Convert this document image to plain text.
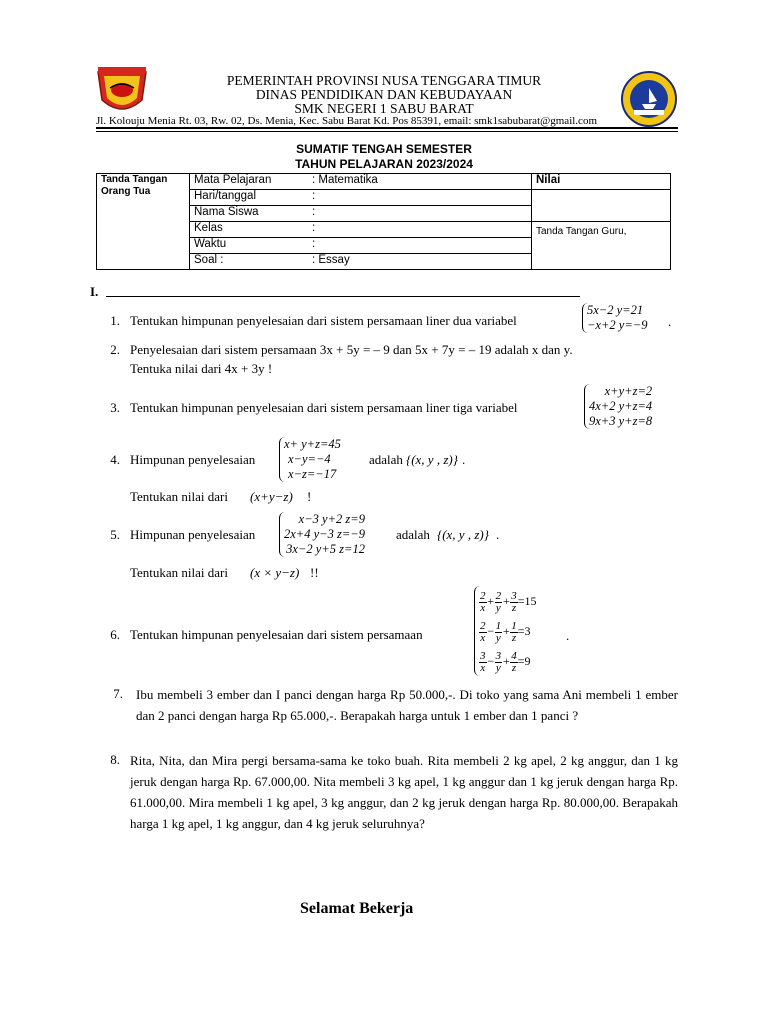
PEMERINTAH PROVINSI NUSA TENGGARA TIMUR
DINAS PENDIDIKAN DAN KEBUDAYAAN
SMK NEGERI 1 SABU BARAT
Jl. Kolouju Menia Rt. 03, Rw. 02, Ds. Menia, Kec. Sabu Barat Kd. Pos 85391, email: smk1sabubarat@gmail.com
SUMATIF TENGAH SEMESTER
TAHUN PELAJARAN 2023/2024
Tanda Tangan Orang Tua	Mata Pelajaran	: Matematika	Nilai
	Hari/tanggal	:	
	Nama Siswa	:	
	Kelas	:	Tanda Tangan Guru,
	Waktu	:	
	Soal :	: Essay	
I.
1. Tentukan himpunan penyelesaian dari sistem persamaan liner dua variabel
5x−2 y=21
−x+2 y=−9 .
2. Penyelesaian dari sistem persamaan 3x + 5y = – 9 dan 5x + 7y = – 19 adalah x dan y.
Tentuka nilai dari 4x + 3y !
3. Tentukan himpunan penyelesaian dari sistem persamaan liner tiga variabel
x+y+z=2
4x+2 y+z=4
9x+3 y+z=8
4. Himpunan penyelesaian
x+ y+z=45
x−y=−4
x−z=−17
adalah {(x, y , z)} .
Tentukan nilai dari (x+y−z) !
5. Himpunan penyelesaian
x−3 y+2 z=9
2x+4 y−3 z=−9
3x−2 y+5 z=12
adalah {(x, y , z)} .
Tentukan nilai dari (x × y−z) !!
6. Tentukan himpunan penyelesaian dari sistem persamaan
$\frac{2}{x} + \frac{2}{y} + \frac{3}{z} =15$
$\frac{2}{x} - \frac{1}{y} + \frac{1}{z} =3$
$\frac{3}{x} - \frac{3}{y} + \frac{4}{z} =9$
.
7. Ibu membeli 3 ember dan I panci dengan harga Rp 50.000,-. Di toko yang sama Ani membeli 1 ember dan 2 panci dengan harga Rp 65.000,-. Berapakah harga untuk 1 ember dan 1 panci ?
8. Rita, Nita, dan Mira pergi bersama-sama ke toko buah. Rita membeli 2 kg apel, 2 kg anggur, dan 1 kg jeruk dengan harga Rp. 67.000,00. Nita membeli 3 kg apel, 1 kg anggur dan 1 kg jeruk dengan harga Rp. 61.000,00. Mira membeli 1 kg apel, 3 kg anggur, dan 2 kg jeruk dengan harga Rp. 80.000,00. Berapakah harga 1 kg apel, 1 kg anggur, dan 4 kg jeruk seluruhnya?
Selamat Bekerja
